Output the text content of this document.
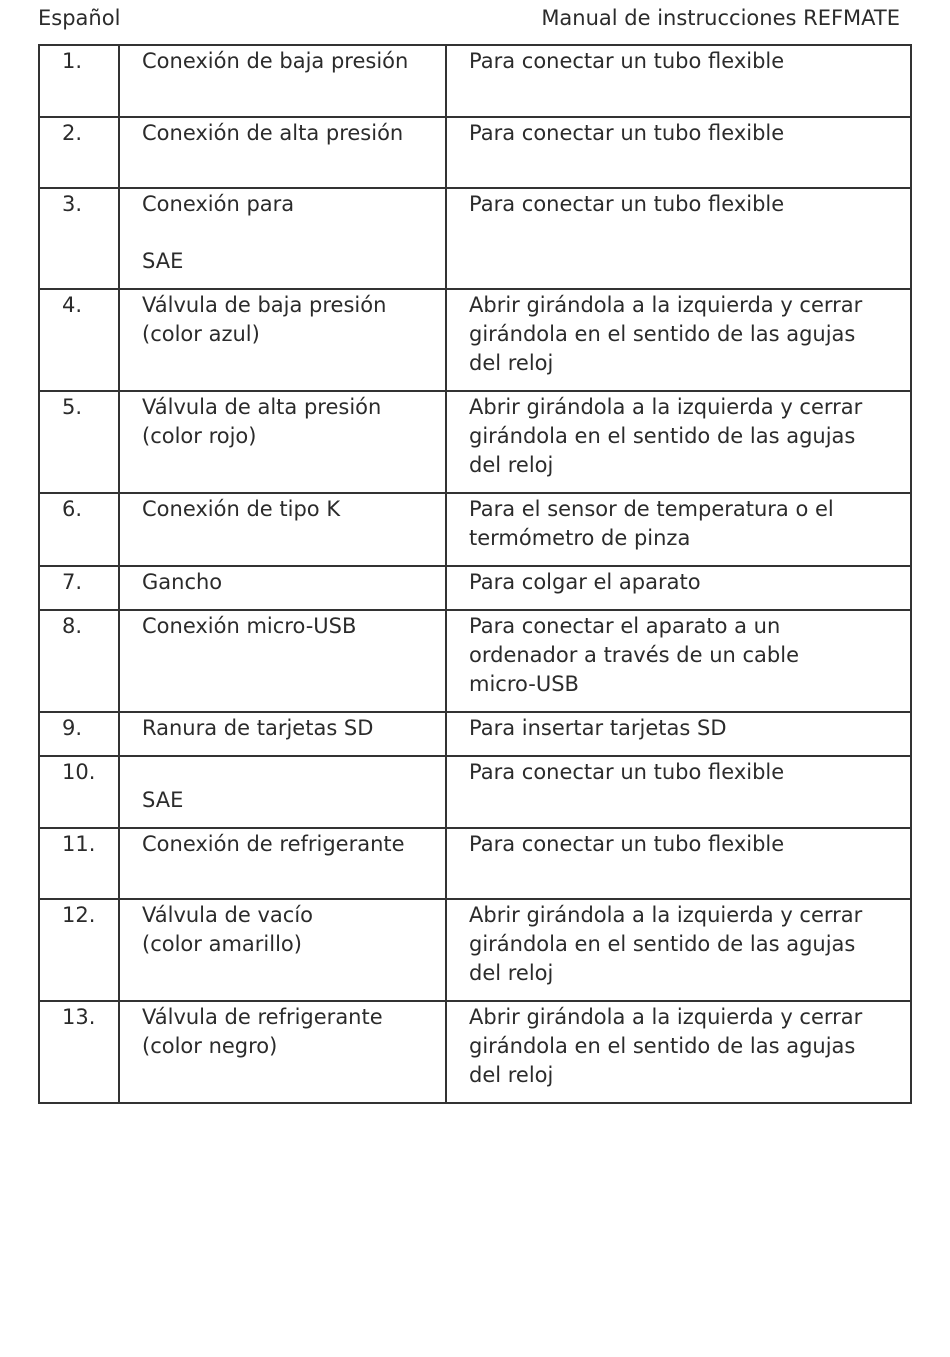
Español	Manual de instrucciones REFMATE
1.	Conexión de baja presión	Para conectar un tubo flexible

2.	Conexión de alta presión	Para conectar un tubo flexible

3.	Conexión para
SAE	Para conectar un tubo flexible

4.	Válvula de baja presión
(color azul)	Abrir girándola a la izquierda y cerrar
girándola en el sentido de las agujas
del reloj

5.	Válvula de alta presión
(color rojo)	Abrir girándola a la izquierda y cerrar
girándola en el sentido de las agujas
del reloj

6.	Conexión de tipo K	Para el sensor de temperatura o el
termómetro de pinza

7.	Gancho	Para colgar el aparato

8.	Conexión micro-USB	Para conectar el aparato a un
ordenador a través de un cable
micro-USB

9.	Ranura de tarjetas SD	Para insertar tarjetas SD

10.	SAE	Para conectar un tubo flexible

11.	Conexión de refrigerante	Para conectar un tubo flexible

12.	Válvula de vacío
(color amarillo)	Abrir girándola a la izquierda y cerrar
girándola en el sentido de las agujas
del reloj

13.	Válvula de refrigerante
(color negro)	Abrir girándola a la izquierda y cerrar
girándola en el sentido de las agujas
del reloj
